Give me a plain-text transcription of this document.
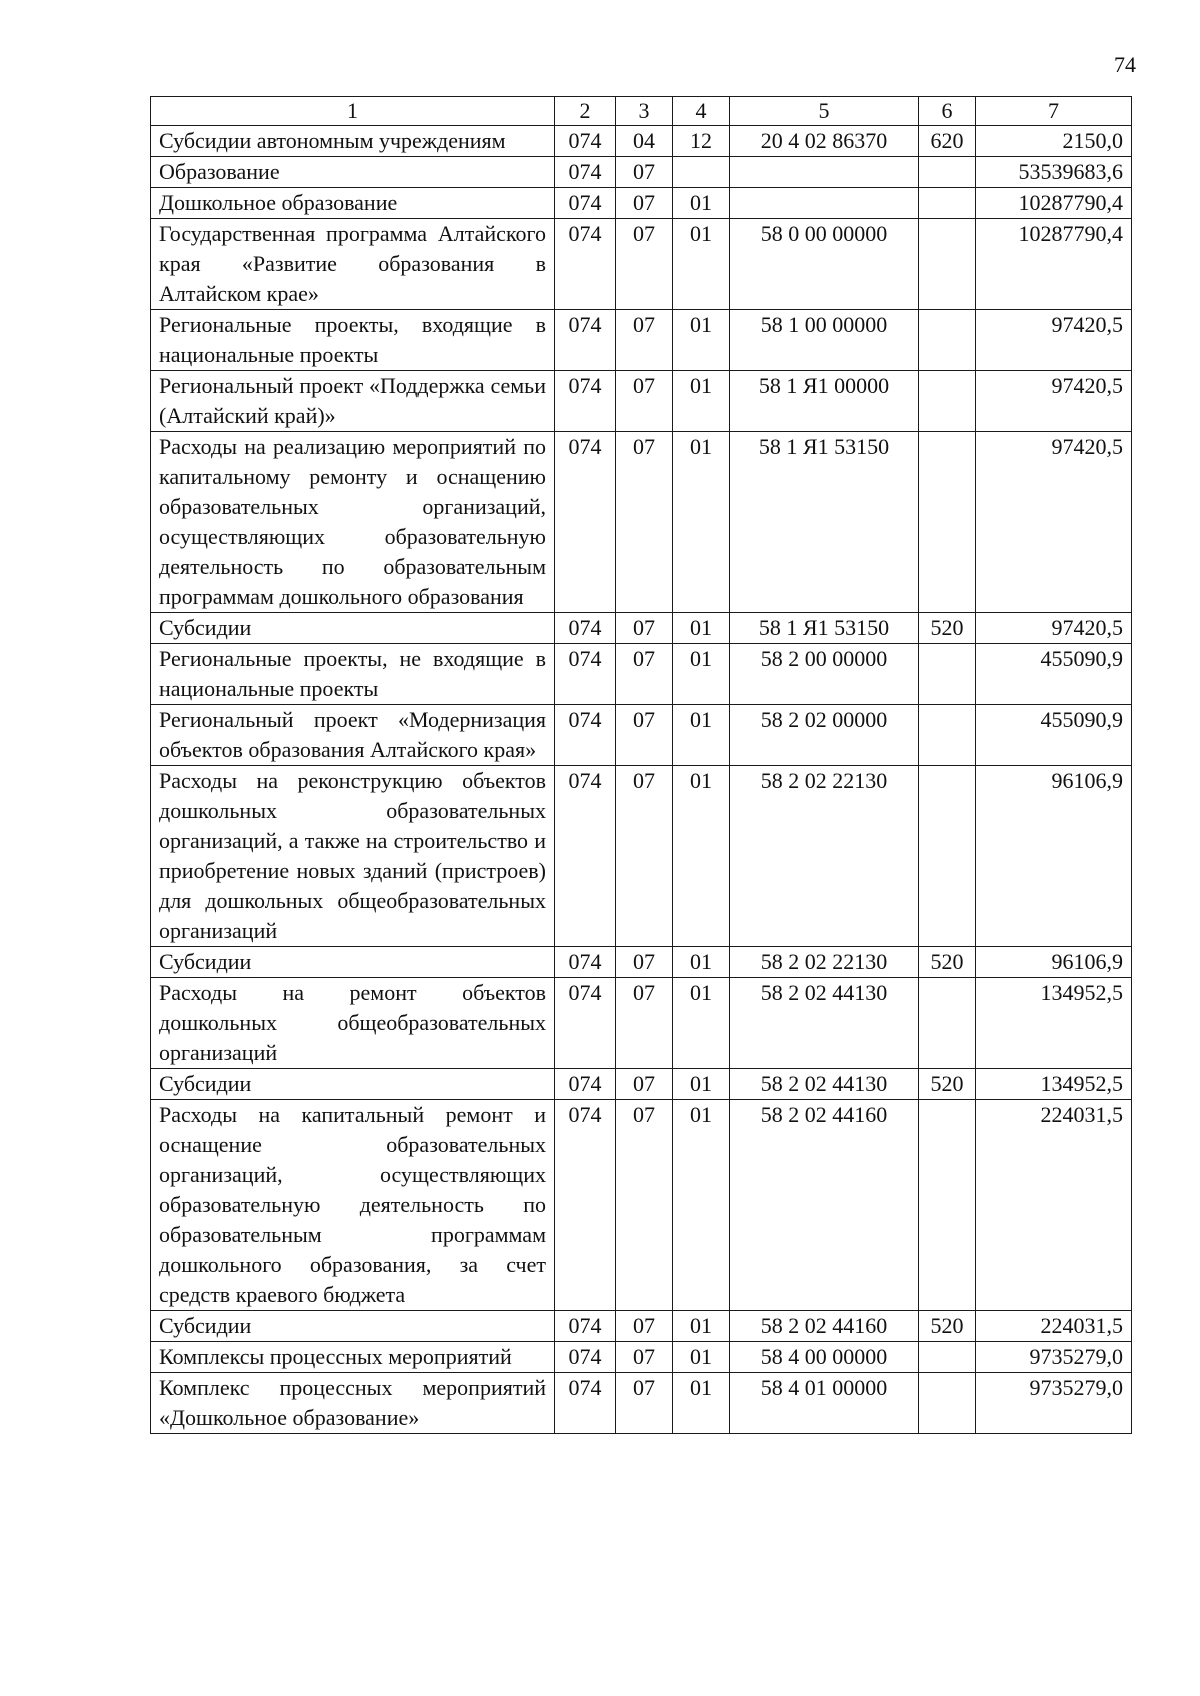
74
1	2	3	4	5	6	7
Субсидии автономным учреждениям	074	04	12	20 4 02 86370	620	2150,0
Образование	074	07				53539683,6
Дошкольное образование	074	07	01			10287790,4
Государственная программа Алтайского края «Развитие образования в Алтайском крае»	074	07	01	58 0 00 00000		10287790,4
Региональные проекты, входящие в национальные проекты	074	07	01	58 1 00 00000		97420,5
Региональный проект «Поддержка семьи (Алтайский край)»	074	07	01	58 1 Я1 00000		97420,5
Расходы на реализацию мероприятий по капитальному ремонту и оснащению образовательных организаций, осуществляющих образовательную деятельность по образовательным программам дошкольного образования	074	07	01	58 1 Я1 53150		97420,5
Субсидии	074	07	01	58 1 Я1 53150	520	97420,5
Региональные проекты, не входящие в национальные проекты	074	07	01	58 2 00 00000		455090,9
Региональный проект «Модернизация объектов образования Алтайского края»	074	07	01	58 2 02 00000		455090,9
Расходы на реконструкцию объектов дошкольных образовательных организаций, а также на строительство и приобретение новых зданий (пристроев) для дошкольных общеобразовательных организаций	074	07	01	58 2 02 22130		96106,9
Субсидии	074	07	01	58 2 02 22130	520	96106,9
Расходы на ремонт объектов дошкольных общеобразовательных организаций	074	07	01	58 2 02 44130		134952,5
Субсидии	074	07	01	58 2 02 44130	520	134952,5
Расходы на капитальный ремонт и оснащение образовательных организаций, осуществляющих образовательную деятельность по образовательным программам дошкольного образования, за счет средств краевого бюджета	074	07	01	58 2 02 44160		224031,5
Субсидии	074	07	01	58 2 02 44160	520	224031,5
Комплексы процессных мероприятий	074	07	01	58 4 00 00000		9735279,0
Комплекс процессных мероприятий «Дошкольное образование»	074	07	01	58 4 01 00000		9735279,0
